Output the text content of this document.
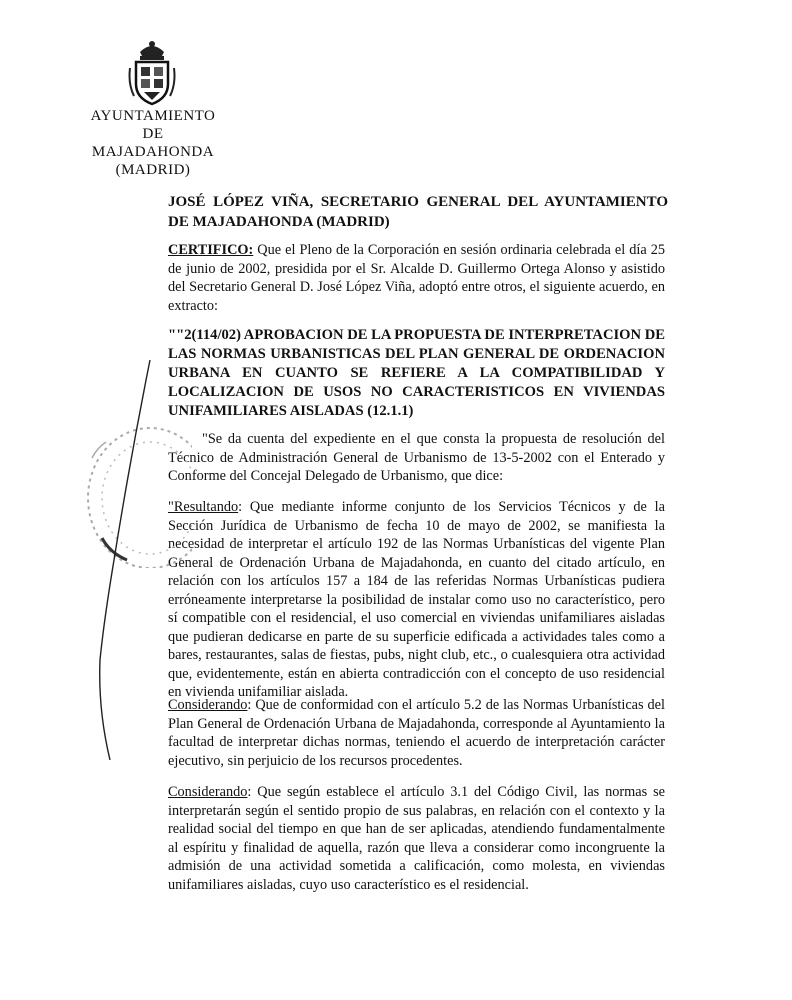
AYUNTAMIENTO DE
MAJADAHONDA
(MADRID)
JOSÉ LÓPEZ VIÑA, SECRETARIO GENERAL DEL AYUNTAMIENTO DE MAJADAHONDA (MADRID)
CERTIFICO: Que el Pleno de la Corporación en sesión ordinaria celebrada el día 25 de junio de 2002, presidida por el Sr. Alcalde D. Guillermo Ortega Alonso y asistido del Secretario General D. José López Viña, adoptó entre otros, el siguiente acuerdo, en extracto:
""2(114/02) APROBACION DE LA PROPUESTA DE INTERPRETACION DE LAS NORMAS URBANISTICAS DEL PLAN GENERAL DE ORDENACION URBANA EN CUANTO SE REFIERE A LA COMPATIBILIDAD Y LOCALIZACION DE USOS NO CARACTERISTICOS EN VIVIENDAS UNIFAMILIARES AISLADAS (12.1.1)
"Se da cuenta del expediente en el que consta la propuesta de resolución del Técnico de Administración General de Urbanismo de 13-5-2002 con el Enterado y Conforme del Concejal Delegado de Urbanismo, que dice:
"Resultando: Que mediante informe conjunto de los Servicios Técnicos y de la Sección Jurídica de Urbanismo de fecha 10 de mayo de 2002, se manifiesta la necesidad de interpretar el artículo 192 de las Normas Urbanísticas del vigente Plan General de Ordenación Urbana de Majadahonda, en cuanto del citado artículo, en relación con los artículos 157 a 184 de las referidas Normas Urbanísticas pudiera erróneamente interpretarse la posibilidad de instalar como uso no característico, pero sí compatible con el residencial, el uso comercial en viviendas unifamiliares aisladas que pudieran dedicarse en parte de su superficie edificada a actividades tales como a bares, restaurantes, salas de fiestas, pubs, night club, etc., o cualesquiera otra actividad que, evidentemente, están en abierta contradicción con el concepto de uso residencial en vivienda unifamiliar aislada.
Considerando: Que de conformidad con el artículo 5.2 de las Normas Urbanísticas del Plan General de Ordenación Urbana de Majadahonda, corresponde al Ayuntamiento la facultad de interpretar dichas normas, teniendo el acuerdo de interpretación carácter ejecutivo, sin perjuicio de los recursos procedentes.
Considerando: Que según establece el artículo 3.1 del Código Civil, las normas se interpretarán según el sentido propio de sus palabras, en relación con el contexto y la realidad social del tiempo en que han de ser aplicadas, atendiendo fundamentalmente al espíritu y finalidad de aquella, razón que lleva a considerar como incongruente la admisión de una actividad sometida a calificación, como molesta, en viviendas unifamiliares aisladas, cuyo uso característico es el residencial.
